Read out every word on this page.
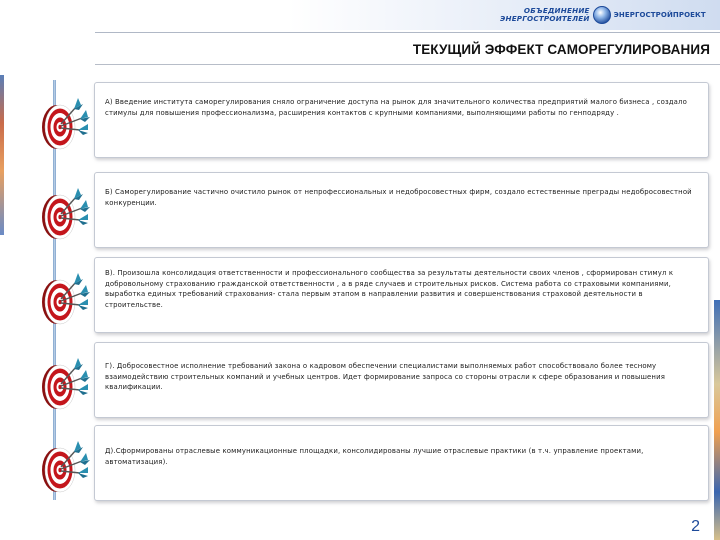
ОБЪЕДИНЕНИЕ
ЭНЕРГОСТРОИТЕЛЕЙ	ЭНЕРГОСТРОЙПРОЕКТ
ТЕКУЩИЙ ЭФФЕКТ САМОРЕГУЛИРОВАНИЯ
А) Введение института саморегулирования сняло ограничение доступа на рынок для значительного количества предприятий малого бизнеса , создало стимулы для повышения профессионализма, расширения контактов с крупными компаниями, выполняющими работы по генподряду .
Б) Саморегулирование частично очистило рынок от непрофессиональных и недобросовестных фирм, создало естественные преграды недобросовестной конкуренции.
В). Произошла консолидация ответственности и профессионального сообщества за результаты деятельности своих членов , сформирован стимул к добровольному страхованию гражданской ответственности , а в ряде случаев и строительных рисков. Система работа со страховыми компаниями, выработка единых требований страхования- стала первым этапом в направлении развития и совершенствования страховой деятельности в строительстве.
Г). Добросовестное исполнение требований закона о кадровом обеспечении специалистами выполняемых работ способствовало более тесному взаимодействию строительных компаний и учебных центров. Идет формирование запроса со стороны отрасли к сфере образования и повышения квалификации.
Д).Сформированы отраслевые коммуникационные площадки, консолидированы лучшие отраслевые практики (в т.ч. управление проектами, автоматизация).
2
